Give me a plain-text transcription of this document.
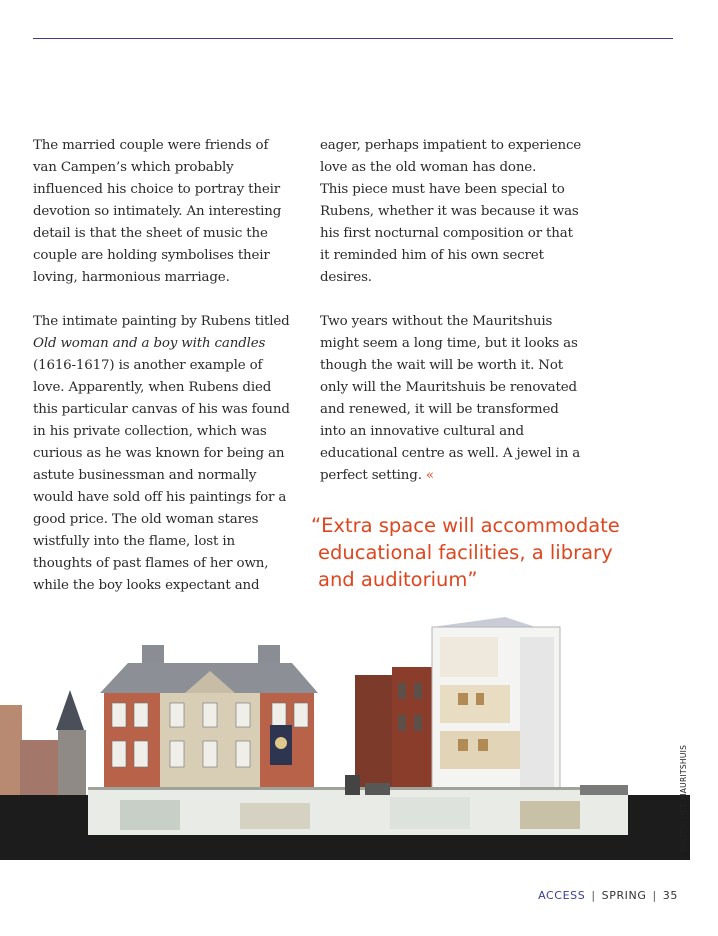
The married couple were friends of van Campen’s which probably influenced his choice to portray their devotion so intimately. An interesting detail is that the sheet of music the couple are holding symbolises their loving, harmonious marriage.

The intimate painting by Rubens titled Old woman and a boy with candles (1616-1617) is another example of love. Apparently, when Rubens died this particular canvas of his was found in his private collection, which was curious as he was known for being an astute businessman and normally would have sold off his paintings for a good price. The old woman stares wistfully into the flame, lost in thoughts of past flames of her own, while the boy looks expectant and

eager, perhaps impatient to experience love as the old woman has done.
This piece must have been special to Rubens, whether it was because it was his first nocturnal composition or that it reminded him of his own secret desires.

Two years without the Mauritshuis might seem a long time, but it looks as though the wait will be worth it. Not only will the Mauritshuis be renovated and renewed, it will be transformed into an innovative cultural and educational centre as well. A jewel in a perfect setting. «

“Extra space will accommodate
educational facilities, a library
and auditorium”
PHOTO: HET MAURITSHUIS
ACCESS | SPRING | 35
